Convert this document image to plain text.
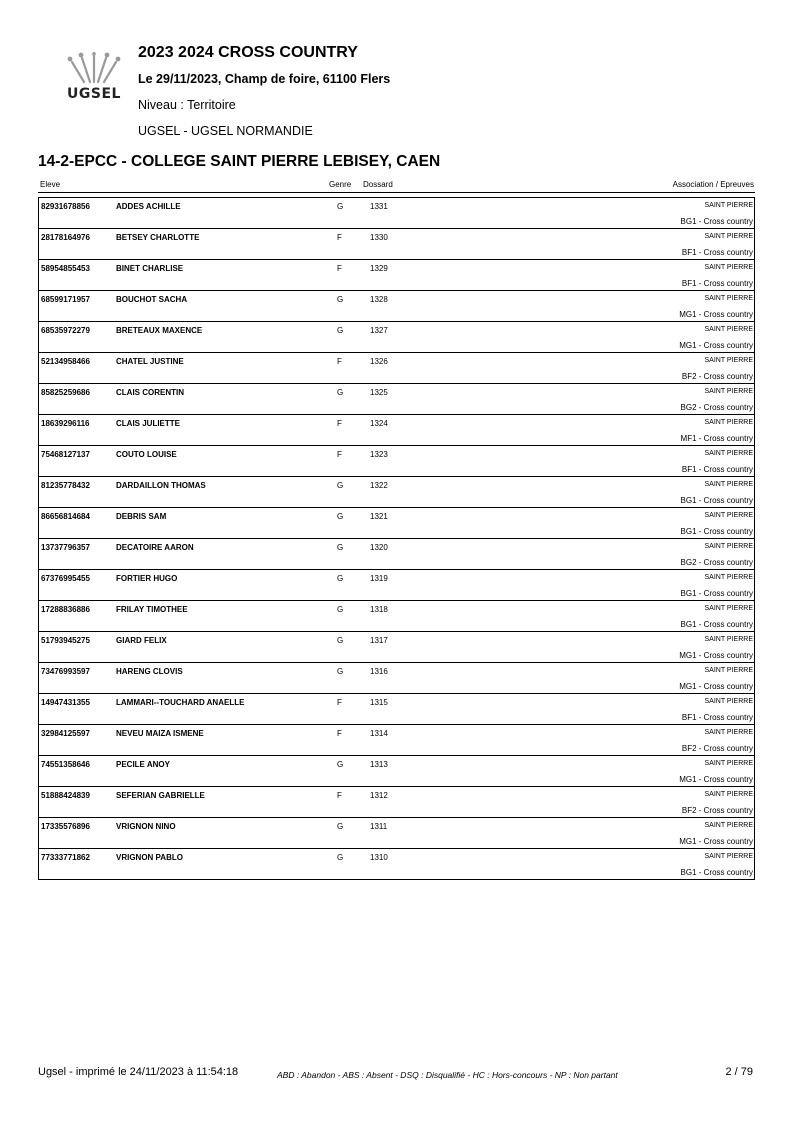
UGSEL
2023 2024 CROSS COUNTRY
Le 29/11/2023, Champ de foire, 61100 Flers
Niveau : Territoire
UGSEL - UGSEL NORMANDIE
14-2-EPCC - COLLEGE SAINT PIERRE LEBISEY, CAEN
Eleve	Genre Dossard	Association / Epreuves
82931678856	ADDES ACHILLE	G	1331	SAINT PIERRE
BG1 - Cross country
28178164976	BETSEY CHARLOTTE	F	1330	SAINT PIERRE
BF1 - Cross country
58954855453	BINET CHARLISE	F	1329	SAINT PIERRE
BF1 - Cross country
68599171957	BOUCHOT SACHA	G	1328	SAINT PIERRE
MG1 - Cross country
68535972279	BRETEAUX MAXENCE	G	1327	SAINT PIERRE
MG1 - Cross country
52134958466	CHATEL JUSTINE	F	1326	SAINT PIERRE
BF2 - Cross country
85825259686	CLAIS CORENTIN	G	1325	SAINT PIERRE
BG2 - Cross country
18639296116	CLAIS JULIETTE	F	1324	SAINT PIERRE
MF1 - Cross country
75468127137	COUTO LOUISE	F	1323	SAINT PIERRE
BF1 - Cross country
81235778432	DARDAILLON THOMAS	G	1322	SAINT PIERRE
BG1 - Cross country
86656814684	DEBRIS SAM	G	1321	SAINT PIERRE
BG1 - Cross country
13737796357	DECATOIRE AARON	G	1320	SAINT PIERRE
BG2 - Cross country
67376995455	FORTIER HUGO	G	1319	SAINT PIERRE
BG1 - Cross country
17288836886	FRILAY TIMOTHEE	G	1318	SAINT PIERRE
BG1 - Cross country
51793945275	GIARD FELIX	G	1317	SAINT PIERRE
MG1 - Cross country
73476993597	HARENG CLOVIS	G	1316	SAINT PIERRE
MG1 - Cross country
14947431355	LAMMARI--TOUCHARD ANAELLE	F	1315	SAINT PIERRE
BF1 - Cross country
32984125597	NEVEU MAIZA ISMENE	F	1314	SAINT PIERRE
BF2 - Cross country
74551358646	PECILE ANOY	G	1313	SAINT PIERRE
MG1 - Cross country
51888424839	SEFERIAN GABRIELLE	F	1312	SAINT PIERRE
BF2 - Cross country
17335576896	VRIGNON NINO	G	1311	SAINT PIERRE
MG1 - Cross country
77333771862	VRIGNON PABLO	G	1310	SAINT PIERRE
BG1 - Cross country
Ugsel - imprimé le 24/11/2023 à 11:54:18	ABD : Abandon - ABS : Absent - DSQ : Disqualifié - HC : Hors-concours - NP : Non partant	2 / 79
